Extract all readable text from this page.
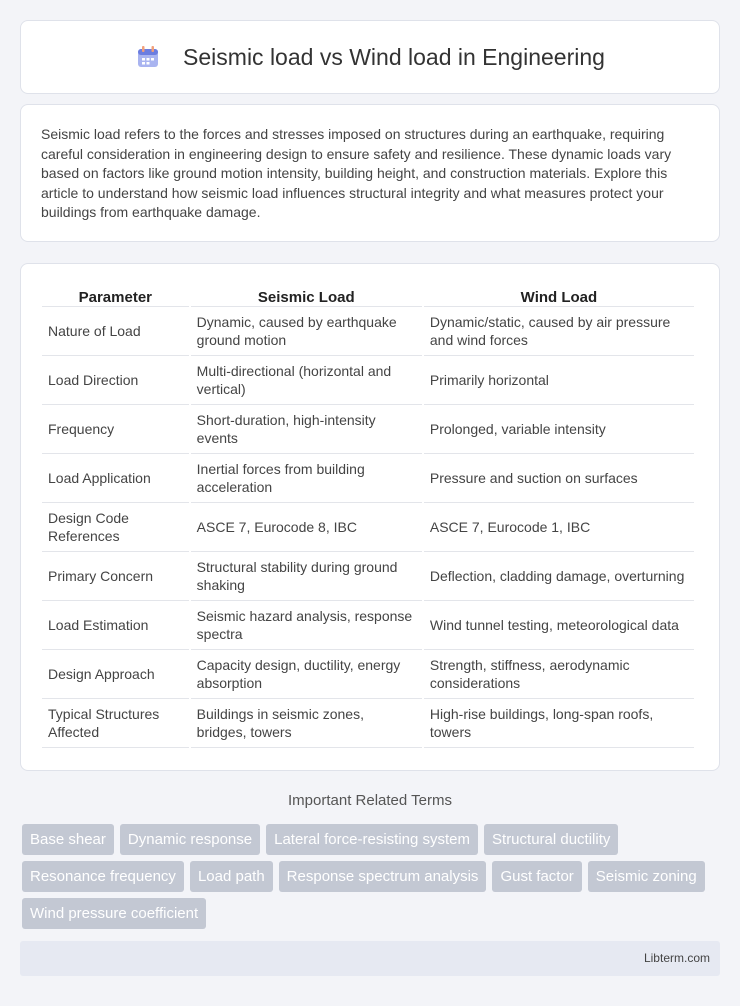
Seismic load vs Wind load in Engineering

Seismic load refers to the forces and stresses imposed on structures during an earthquake, requiring careful consideration in engineering design to ensure safety and resilience. These dynamic loads vary based on factors like ground motion intensity, building height, and construction materials. Explore this article to understand how seismic load influences structural integrity and what measures protect your buildings from earthquake damage.

Parameter	Seismic Load	Wind Load
Nature of Load	Dynamic, caused by earthquake ground motion	Dynamic/static, caused by air pressure and wind forces
Load Direction	Multi-directional (horizontal and vertical)	Primarily horizontal
Frequency	Short-duration, high-intensity events	Prolonged, variable intensity
Load Application	Inertial forces from building acceleration	Pressure and suction on surfaces
Design Code References	ASCE 7, Eurocode 8, IBC	ASCE 7, Eurocode 1, IBC
Primary Concern	Structural stability during ground shaking	Deflection, cladding damage, overturning
Load Estimation	Seismic hazard analysis, response spectra	Wind tunnel testing, meteorological data
Design Approach	Capacity design, ductility, energy absorption	Strength, stiffness, aerodynamic considerations
Typical Structures Affected	Buildings in seismic zones, bridges, towers	High-rise buildings, long-span roofs, towers
Important Related Terms
Base shear	Dynamic response	Lateral force-resisting system	Structural ductility
Resonance frequency	Load path	Response spectrum analysis	Gust factor	Seismic zoning
Wind pressure coefficient
Libterm.com
